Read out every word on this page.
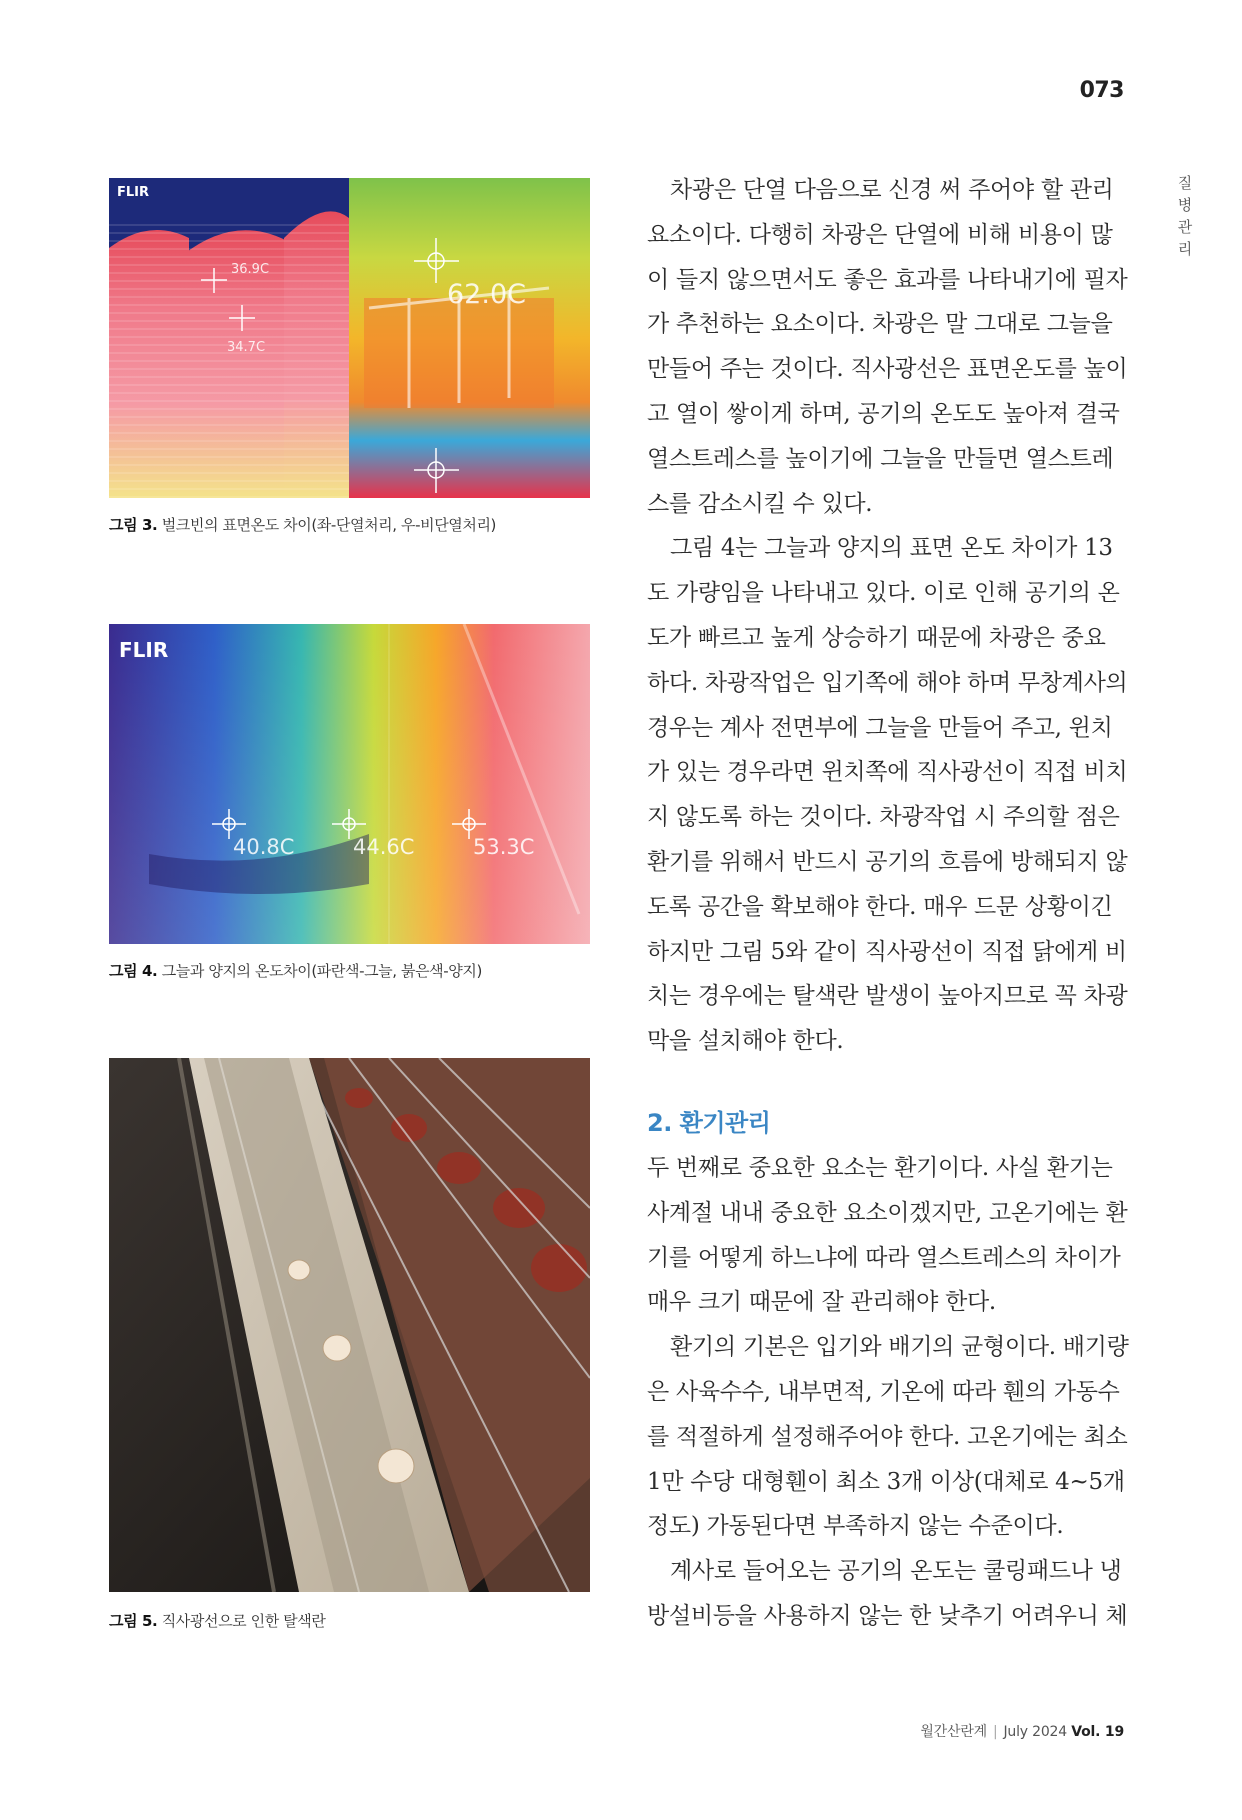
073
질
병
관
리
FLIR
36.9C
34.7C
62.0C
그림 3. 벌크빈의 표면온도 차이(좌-단열처리, 우-비단열처리)
FLIR
40.8C	44.6C	53.3C
그림 4. 그늘과 양지의 온도차이(파란색-그늘, 붉은색-양지)
그림 5. 직사광선으로 인한 탈색란

차광은 단열 다음으로 신경 써 주어야 할 관리
요소이다. 다행히 차광은 단열에 비해 비용이 많
이 들지 않으면서도 좋은 효과를 나타내기에 필자
가 추천하는 요소이다. 차광은 말 그대로 그늘을
만들어 주는 것이다. 직사광선은 표면온도를 높이
고 열이 쌓이게 하며, 공기의 온도도 높아져 결국
열스트레스를 높이기에 그늘을 만들면 열스트레
스를 감소시킬 수 있다.

그림 4는 그늘과 양지의 표면 온도 차이가 13
도 가량임을 나타내고 있다. 이로 인해 공기의 온
도가 빠르고 높게 상승하기 때문에 차광은 중요
하다. 차광작업은 입기쪽에 해야 하며 무창계사의
경우는 계사 전면부에 그늘을 만들어 주고, 윈치
가 있는 경우라면 윈치쪽에 직사광선이 직접 비치
지 않도록 하는 것이다. 차광작업 시 주의할 점은
환기를 위해서 반드시 공기의 흐름에 방해되지 않
도록 공간을 확보해야 한다. 매우 드문 상황이긴
하지만 그림 5와 같이 직사광선이 직접 닭에게 비
치는 경우에는 탈색란 발생이 높아지므로 꼭 차광
막을 설치해야 한다.

2. 환기관리

두 번째로 중요한 요소는 환기이다. 사실 환기는
사계절 내내 중요한 요소이겠지만, 고온기에는 환
기를 어떻게 하느냐에 따라 열스트레스의 차이가
매우 크기 때문에 잘 관리해야 한다.

환기의 기본은 입기와 배기의 균형이다. 배기량
은 사육수수, 내부면적, 기온에 따라 휀의 가동수
를 적절하게 설정해주어야 한다. 고온기에는 최소
1만 수당 대형휀이 최소 3개 이상(대체로 4~5개
정도) 가동된다면 부족하지 않는 수준이다.

계사로 들어오는 공기의 온도는 쿨링패드나 냉
방설비등을 사용하지 않는 한 낮추기 어려우니 체

월간산란계 | July 2024 Vol. 19
